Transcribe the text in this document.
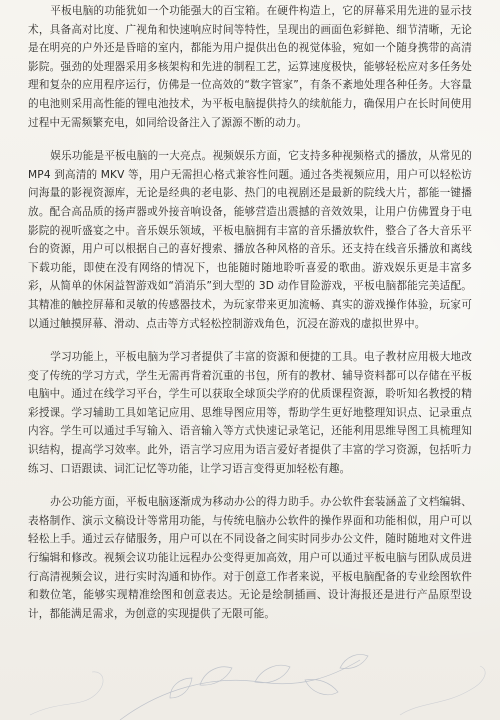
平板电脑的功能犹如一个功能强大的百宝箱。在硬件构造上，它的屏幕采用先进的显示技术，具备高对比度、广视角和快速响应时间等特性，呈现出的画面色彩鲜艳、细节清晰，无论是在明亮的户外还是昏暗的室内，都能为用户提供出色的视觉体验，宛如一个随身携带的高清影院。强劲的处理器采用多核架构和先进的制程工艺，运算速度极快，能够轻松应对多任务处理和复杂的应用程序运行，仿佛是一位高效的“数字管家”，有条不紊地处理各种任务。大容量的电池则采用高性能的锂电池技术，为平板电脑提供持久的续航能力，确保用户在长时间使用过程中无需频繁充电，如同给设备注入了源源不断的动力。

娱乐功能是平板电脑的一大亮点。视频娱乐方面，它支持多种视频格式的播放，从常见的 MP4 到高清的 MKV 等，用户无需担心格式兼容性问题。通过各类视频应用，用户可以轻松访问海量的影视资源库，无论是经典的老电影、热门的电视剧还是最新的院线大片，都能一键播放。配合高品质的扬声器或外接音响设备，能够营造出震撼的音效效果，让用户仿佛置身于电影院的视听盛宴之中。音乐娱乐领域，平板电脑拥有丰富的音乐播放软件，整合了各大音乐平台的资源，用户可以根据自己的喜好搜索、播放各种风格的音乐。还支持在线音乐播放和离线下载功能，即使在没有网络的情况下，也能随时随地聆听喜爱的歌曲。游戏娱乐更是丰富多彩，从简单的休闲益智游戏如“消消乐”到大型的 3D 动作冒险游戏，平板电脑都能完美适配。其精准的触控屏幕和灵敏的传感器技术，为玩家带来更加流畅、真实的游戏操作体验，玩家可以通过触摸屏幕、滑动、点击等方式轻松控制游戏角色，沉浸在游戏的虚拟世界中。

学习功能上，平板电脑为学习者提供了丰富的资源和便捷的工具。电子教材应用极大地改变了传统的学习方式，学生无需再背着沉重的书包，所有的教材、辅导资料都可以存储在平板电脑中。通过在线学习平台，学生可以获取全球顶尖学府的优质课程资源，聆听知名教授的精彩授课。学习辅助工具如笔记应用、思维导图应用等，帮助学生更好地整理知识点、记录重点内容。学生可以通过手写输入、语音输入等方式快速记录笔记，还能利用思维导图工具梳理知识结构，提高学习效率。此外，语言学习应用为语言爱好者提供了丰富的学习资源，包括听力练习、口语跟读、词汇记忆等功能，让学习语言变得更加轻松有趣。

办公功能方面，平板电脑逐渐成为移动办公的得力助手。办公软件套装涵盖了文档编辑、表格制作、演示文稿设计等常用功能，与传统电脑办公软件的操作界面和功能相似，用户可以轻松上手。通过云存储服务，用户可以在不同设备之间实时同步办公文件，随时随地对文件进行编辑和修改。视频会议功能让远程办公变得更加高效，用户可以通过平板电脑与团队成员进行高清视频会议，进行实时沟通和协作。对于创意工作者来说，平板电脑配备的专业绘图软件和数位笔，能够实现精准绘图和创意表达。无论是绘制插画、设计海报还是进行产品原型设计，都能满足需求，为创意的实现提供了无限可能。
